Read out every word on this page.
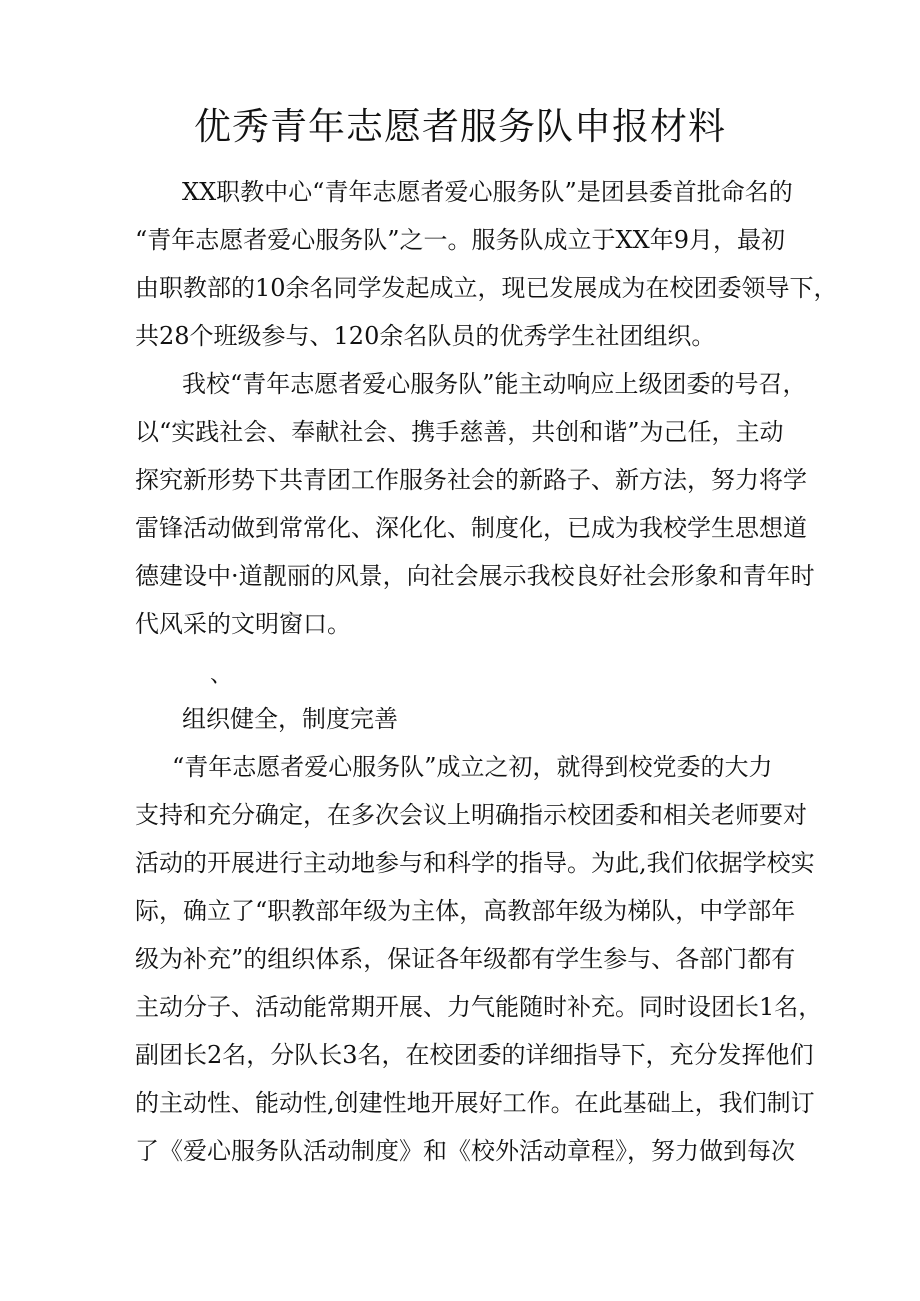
优秀青年志愿者服务队申报材料

XX职教中心“青年志愿者爱心服务队”是团县委首批命名的

“青年志愿者爱心服务队”之一。服务队成立于XX年9月，最初

由职教部的10余名同学发起成立，现已发展成为在校团委领导下，

共28个班级参与、120余名队员的优秀学生社团组织。

我校“青年志愿者爱心服务队”能主动响应上级团委的号召，

以“实践社会、奉献社会、携手慈善，共创和谐”为己任，主动

探究新形势下共青团工作服务社会的新路子、新方法，努力将学

雷锋活动做到常常化、深化化、制度化，已成为我校学生思想道

德建设中·道靓丽的风景，向社会展示我校良好社会形象和青年时

代风采的文明窗口。

、

组织健全，制度完善

“青年志愿者爱心服务队”成立之初，就得到校党委的大力

支持和充分确定，在多次会议上明确指示校团委和相关老师要对

活动的开展进行主动地参与和科学的指导。为此,我们依据学校实

际，确立了“职教部年级为主体，高教部年级为梯队，中学部年

级为补充”的组织体系，保证各年级都有学生参与、各部门都有

主动分子、活动能常期开展、力气能随时补充。同时设团长1名，

副团长2名，分队长3名，在校团委的详细指导下，充分发挥他们

的主动性、能动性,创建性地开展好工作。在此基础上，我们制订

了《爱心服务队活动制度》和《校外活动章程》，努力做到每次
